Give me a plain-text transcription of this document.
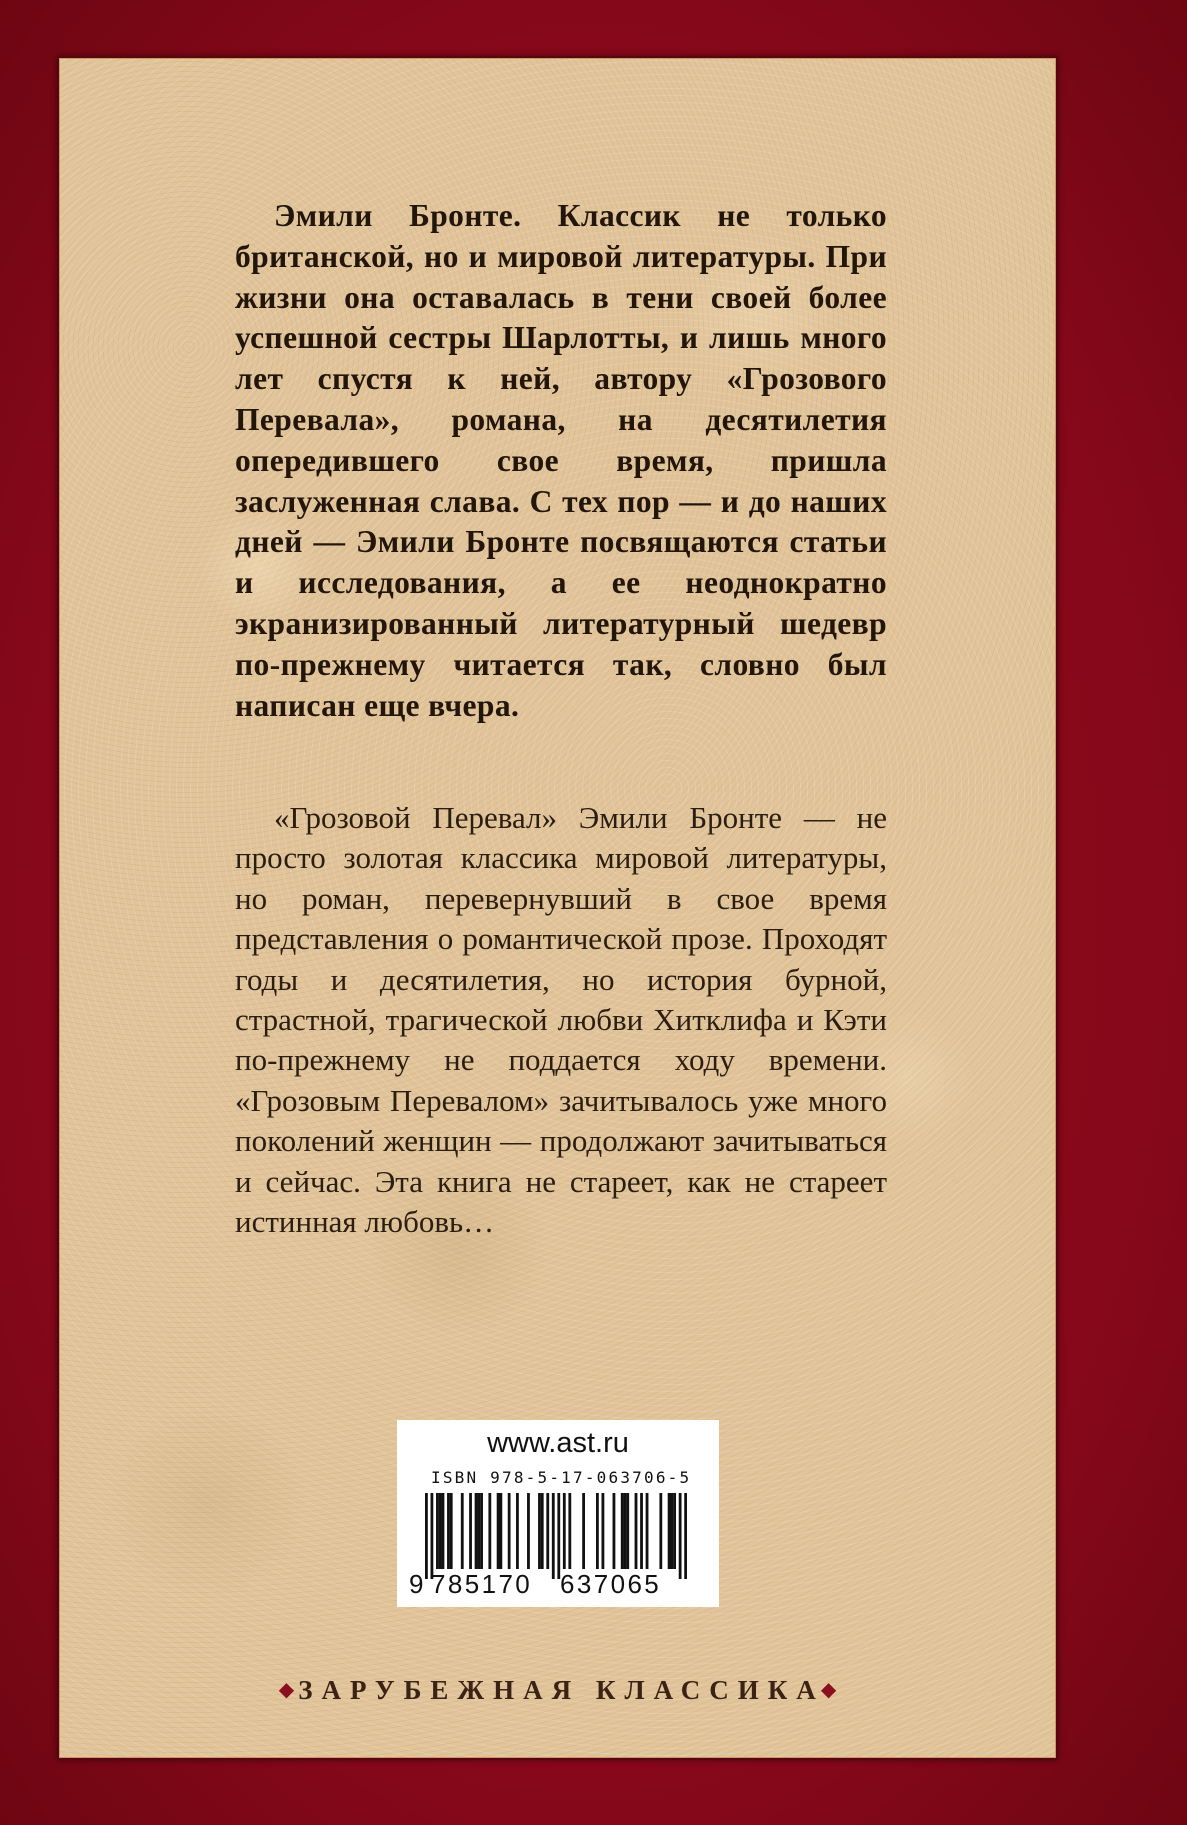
Эмили Бронте. Классик не только британской, но и мировой литературы. При жизни она оставалась в тени своей более успешной сестры Шарлотты, и лишь много лет спустя к ней, автору «Грозового Перевала», романа, на десятилетия опередившего свое время, пришла заслуженная слава. С тех пор — и до наших дней — Эмили Бронте посвящаются статьи и исследования, а ее неоднократно экранизированный литературный шедевр по-прежнему читается так, словно был написан еще вчера.

«Грозовой Перевал» Эмили Бронте — не просто золотая классика мировой литературы, но роман, перевернувший в свое время представления о романтической прозе. Проходят годы и десятилетия, но история бурной, страстной, трагической любви Хитклифа и Кэти по-прежнему не поддается ходу времени. «Грозовым Перевалом» зачитывалось уже много поколений женщин — продолжают зачитываться и сейчас. Эта книга не стареет, как не стареет истинная любовь…

www.ast.ru
ISBN 978-5-17-063706-5
9 785170 637065
◆ ЗАРУБЕЖНАЯ КЛАССИКА◆
